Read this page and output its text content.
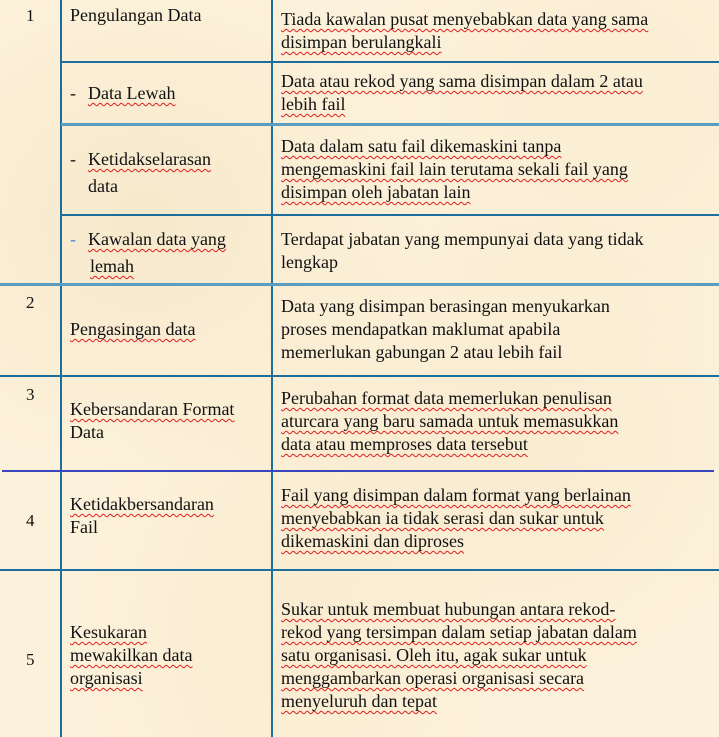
1 Pengulangan Data	Tiada kawalan pusat menyebabkan data yang sama
disimpan berulangkali
- Data Lewah
Data atau rekod yang sama disimpan dalam 2 atau
lebih fail
- Ketidakselarasan
data
Data dalam satu fail dikemaskini tanpa
mengemaskini fail lain terutama sekali fail yang
disimpan oleh jabatan lain
- Kawalan data yang
lemah
Terdapat jabatan yang mempunyai data yang tidak
lengkap
2
Pengasingan data
Data yang disimpan berasingan menyukarkan
proses mendapatkan maklumat apabila
memerlukan gabungan 2 atau lebih fail
3
Kebersandaran Format
Data
Perubahan format data memerlukan penulisan
aturcara yang baru samada untuk memasukkan
data atau memproses data tersebut
4
Ketidakbersandaran
Fail
Fail yang disimpan dalam format yang berlainan
menyebabkan ia tidak serasi dan sukar untuk
dikemaskini dan diproses
5
Kesukaran
mewakilkan data
organisasi
Sukar untuk membuat hubungan antara rekod-
rekod yang tersimpan dalam setiap jabatan dalam
satu organisasi. Oleh itu, agak sukar untuk
menggambarkan operasi organisasi secara
menyeluruh dan tepat
